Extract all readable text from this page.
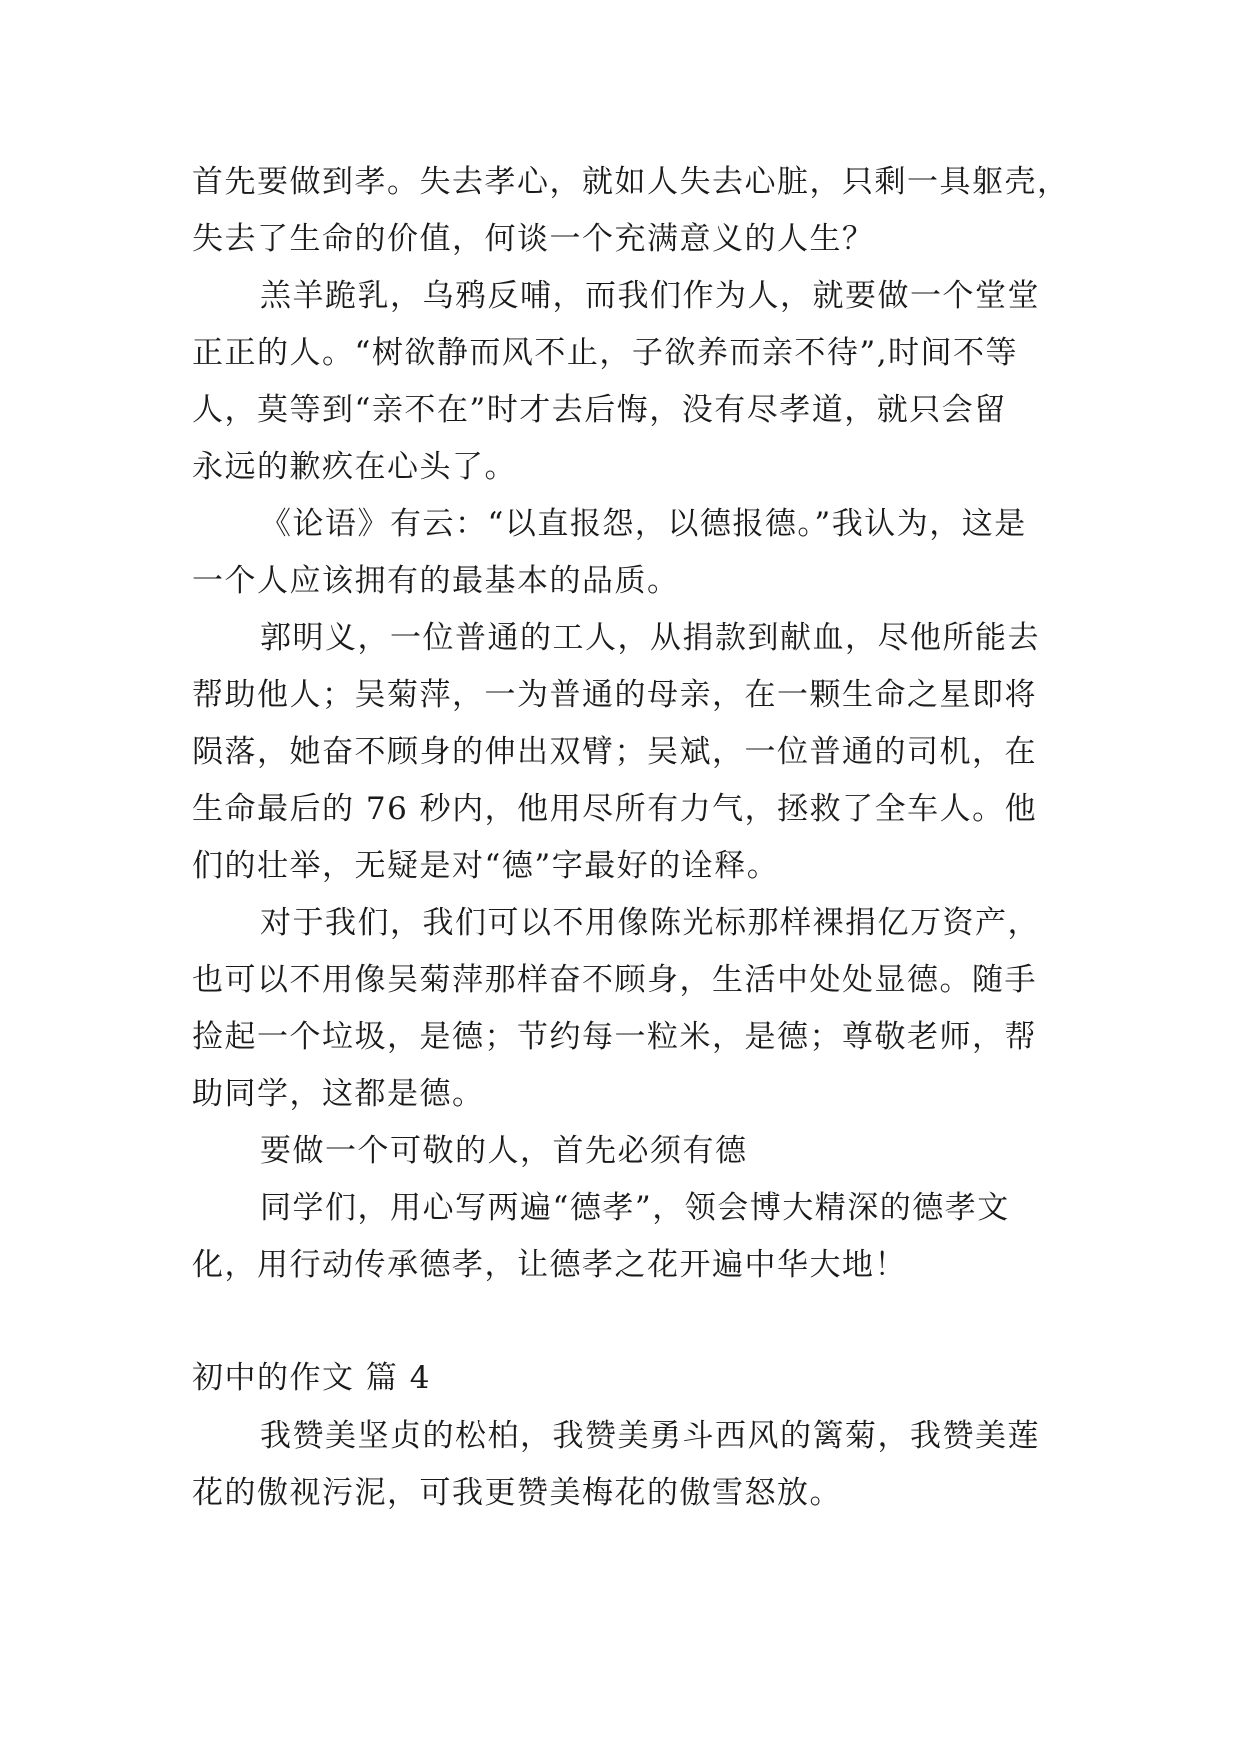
首先要做到孝。失去孝心，就如人失去心脏，只剩一具躯壳，
失去了生命的价值，何谈一个充满意义的人生？
羔羊跪乳，乌鸦反哺，而我们作为人，就要做一个堂堂
正正的人。“树欲静而风不止，子欲养而亲不待”,时间不等
人，莫等到“亲不在”时才去后悔，没有尽孝道，就只会留
永远的歉疚在心头了。
《论语》有云：“以直报怨，以德报德。”我认为，这是
一个人应该拥有的最基本的品质。
郭明义，一位普通的工人，从捐款到献血，尽他所能去
帮助他人；吴菊萍，一为普通的母亲，在一颗生命之星即将
陨落，她奋不顾身的伸出双臂；吴斌，一位普通的司机，在
生命最后的 76 秒内，他用尽所有力气，拯救了全车人。他
们的壮举，无疑是对“德”字最好的诠释。
对于我们，我们可以不用像陈光标那样裸捐亿万资产，
也可以不用像吴菊萍那样奋不顾身，生活中处处显德。随手
捡起一个垃圾，是德；节约每一粒米，是德；尊敬老师，帮
助同学，这都是德。
要做一个可敬的人，首先必须有德
同学们，用心写两遍“德孝”，领会博大精深的德孝文
化，用行动传承德孝，让德孝之花开遍中华大地！
初中的作文 篇 4
我赞美坚贞的松柏，我赞美勇斗西风的篱菊，我赞美莲
花的傲视污泥，可我更赞美梅花的傲雪怒放。
